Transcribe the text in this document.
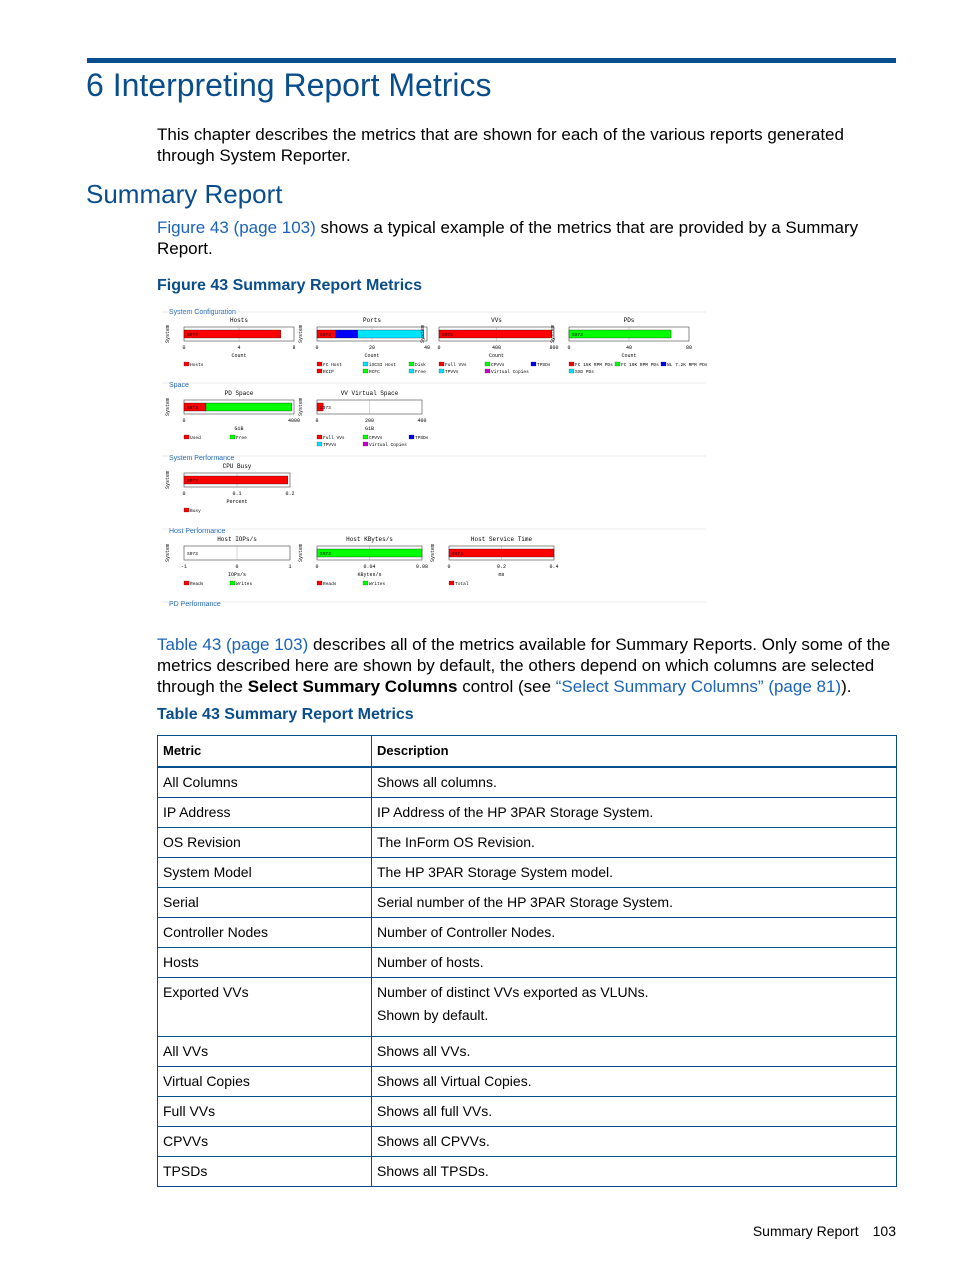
6 Interpreting Report Metrics
This chapter describes the metrics that are shown for each of the various reports generated through System Reporter.
Summary Report
Figure 43 (page 103) shows a typical example of the metrics that are provided by a Summary Report.
Figure 43 Summary Report Metrics
System Configuration
Space
System Performance
Host Performance
PD Performance
Hosts
System	S073
0	4	8
Count
Hosts
Ports
System	S073
0	20	40
Count
FC Host	iSCSI Host	Disk
RCIP	RCFC	Free
VVs
System	S073
0	400	800
Count
Full VVs	CPVVs	TPSDs
TPVVs	Virtual Copies
PDs
System	S073
0	40	80
Count
FC 15K RPM PDs FC 10K RPM PDs NL 7.2K RPM PDs
SSD PDs
PD Space
System	S073
0	4000
GiB
Used	Free
VV Virtual Space
System	S073
0	200	400
GiB
Full VVs	CPVVs	TPSDs
TPVVs	Virtual Copies
CPU Busy
System	S073
0	0.1	0.2
Percent
Busy
Host IOPs/s
System	S073
-1	0	1
IOPs/s
Reads	Writes
Host KBytes/s
System	S073
0	0.04	0.08
KBytes/s
Reads	Writes
Host Service Time
System	S073
0	0.2	0.4
ms
Total
Table 43 (page 103) describes all of the metrics available for Summary Reports. Only some of the metrics described here are shown by default, the others depend on which columns are selected through the Select Summary Columns control (see “Select Summary Columns” (page 81)).
Table 43 Summary Report Metrics
Metric	Description
All Columns	Shows all columns.
IP Address	IP Address of the HP 3PAR Storage System.
OS Revision	The InForm OS Revision.
System Model	The HP 3PAR Storage System model.
Serial	Serial number of the HP 3PAR Storage System.
Controller Nodes	Number of Controller Nodes.
Hosts	Number of hosts.
Exported VVs	Number of distinct VVs exported as VLUNs.
Shown by default.

All VVs	Shows all VVs.
Virtual Copies	Shows all Virtual Copies.
Full VVs	Shows all full VVs.
CPVVs	Shows all CPVVs.
TPSDs	Shows all TPSDs.
Summary Report 103
